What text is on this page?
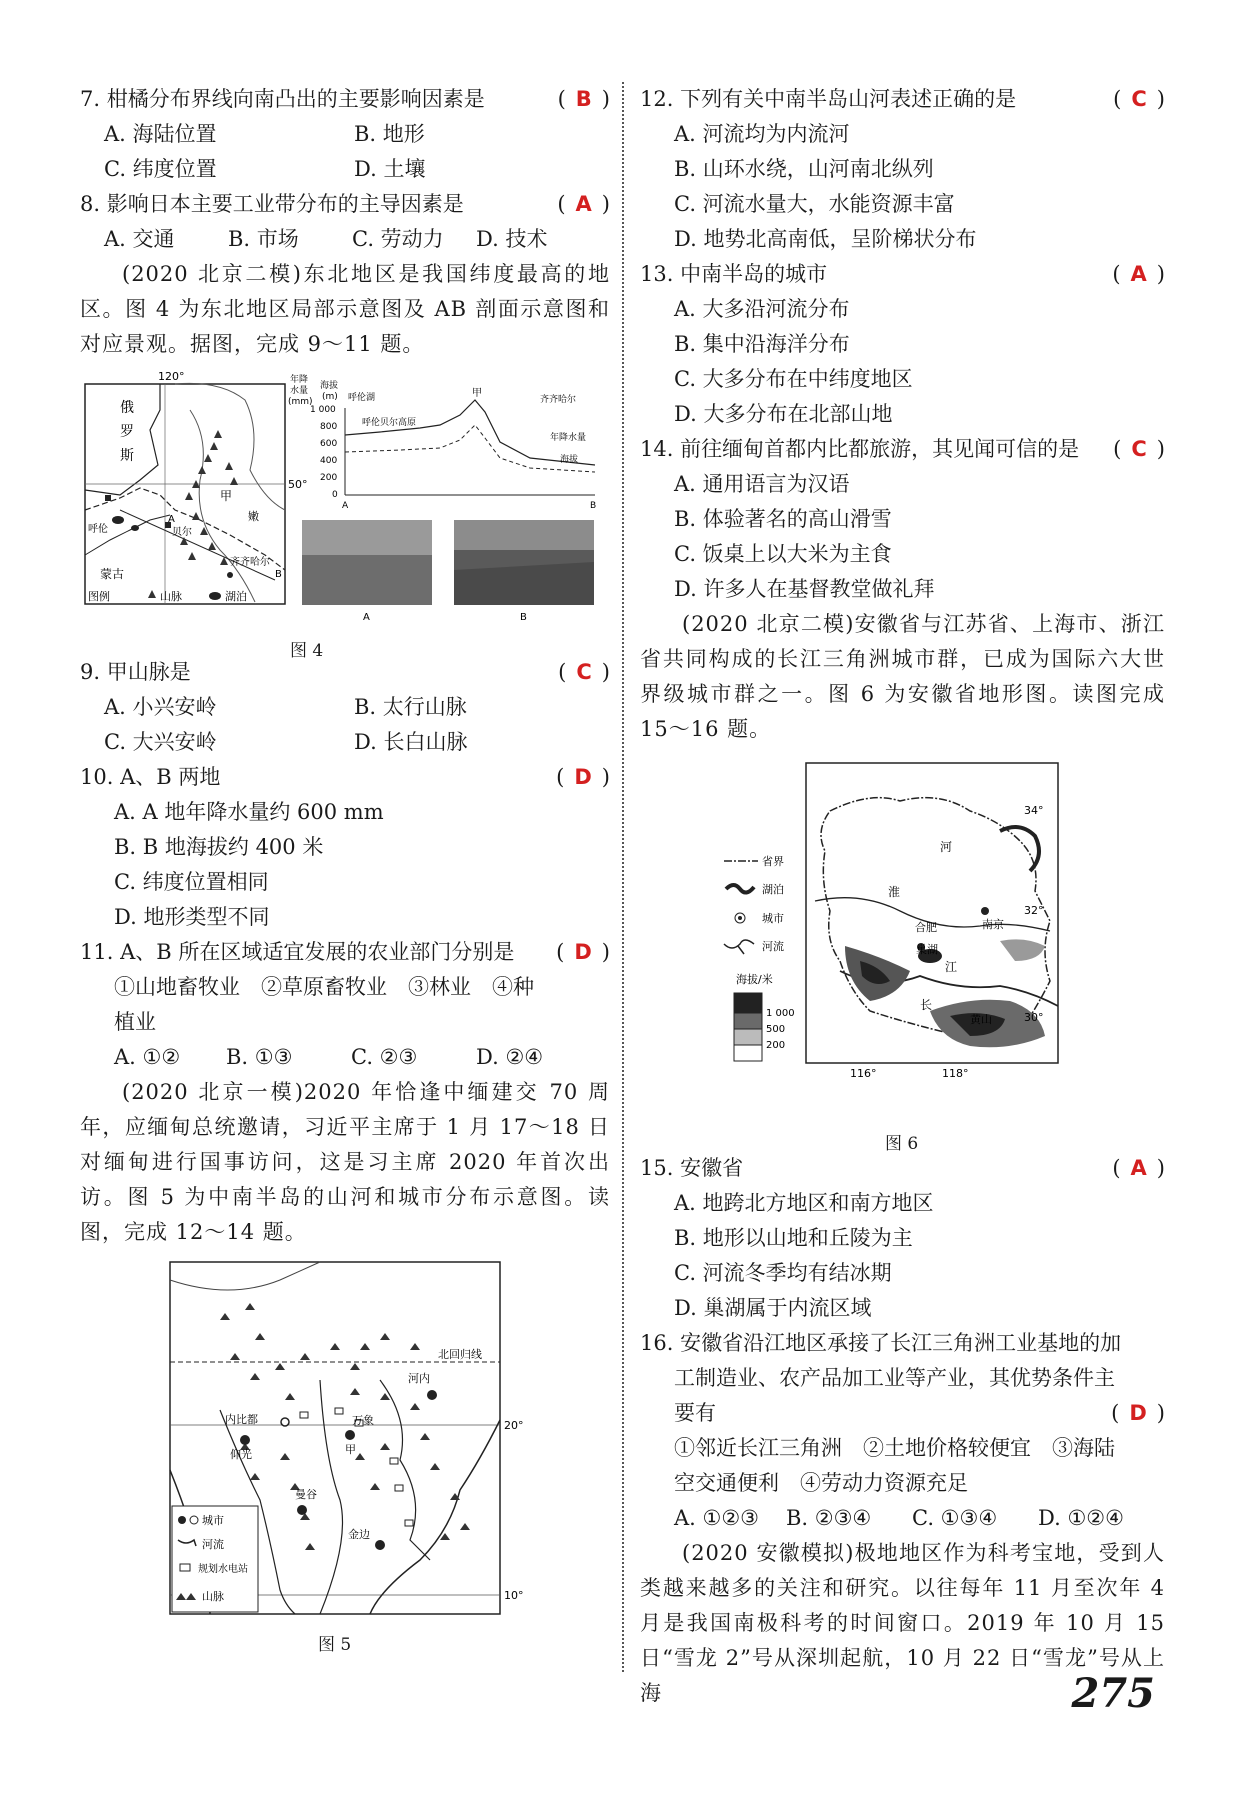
7. 柑橘分布界线向南凸出的主要影响因素是	( B )
A. 海陆位置	B. 地形
C. 纬度位置	D. 土壤
8. 影响日本主要工业带分布的主导因素是	( A )
A. 交通	B. 市场	C. 劳动力	D. 技术
(2020 北京二模)东北地区是我国纬度最高的地区。图 4 为东北地区局部示意图及 AB 剖面示意图和对应景观。据图，完成 9～11 题。
120°
50°
俄
罗
斯
蒙古
甲
嫩
呼伦	贝尔
齐齐哈尔
A
B
图例	山脉	湖泊
年降
水量
(mm)
海拔
(m)
1 000
800
600
400
200
0
呼伦湖
呼伦贝尔高原
甲
齐齐哈尔
年降水量
海拔
A	B
A	B
图 4
9. 甲山脉是	( C )
A. 小兴安岭	B. 太行山脉
C. 大兴安岭	D. 长白山脉
10. A、B 两地	( D )
A. A 地年降水量约 600 mm
B. B 地海拔约 400 米
C. 纬度位置相同
D. 地形类型不同
11. A、B 所在区域适宜发展的农业部门分别是 ( D )
①山地畜牧业　②草原畜牧业　③林业　④种
植业
A. ①②	B. ①③	C. ②③	D. ②④
(2020 北京一模)2020 年恰逢中缅建交 70 周年，应缅甸总统邀请，习近平主席于 1 月 17～18 日对缅甸进行国事访问，这是习主席 2020 年首次出访。图 5 为中南半岛的山河和城市分布示意图。读图，完成 12～14 题。
北回归线
20°
10°
河内
内比都
仰光
万象
甲
曼谷
金边
城市
河流
规划水电站
山脉
图 5
12. 下列有关中南半岛山河表述正确的是	( C )
A. 河流均为内流河
B. 山环水绕，山河南北纵列
C. 河流水量大，水能资源丰富
D. 地势北高南低，呈阶梯状分布
13. 中南半岛的城市	( A )
A. 大多沿河流分布
B. 集中沿海洋分布
C. 大多分布在中纬度地区
D. 大多分布在北部山地
14. 前往缅甸首都内比都旅游，其见闻可信的是 ( C )
A. 通用语言为汉语
B. 体验著名的高山滑雪
C. 饭桌上以大米为主食
D. 许多人在基督教堂做礼拜
(2020 北京二模)安徽省与江苏省、上海市、浙江省共同构成的长江三角洲城市群，已成为国际六大世界级城市群之一。图 6 为安徽省地形图。读图完成 15～16 题。
34°
32°
30°
116°	118°
河
淮
合肥	南京
巢湖
江
长
黄山
省界
湖泊
城市
河流
海拔/米
1 000
500
200
图 6
15. 安徽省	( A )
A. 地跨北方地区和南方地区
B. 地形以山地和丘陵为主
C. 河流冬季均有结冰期
D. 巢湖属于内流区域
16. 安徽省沿江地区承接了长江三角洲工业基地的加
工制造业、农产品加工业等产业，其优势条件主
要有	( D )
①邻近长江三角洲　②土地价格较便宜　③海陆
空交通便利　④劳动力资源充足
A. ①②③	B. ②③④	C. ①③④	D. ①②④
(2020 安徽模拟)极地地区作为科考宝地，受到人类越来越多的关注和研究。以往每年 11 月至次年 4 月是我国南极科考的时间窗口。2019 年 10 月 15 日“雪龙 2”号从深圳起航，10 月 22 日“雪龙”号从上海	275
